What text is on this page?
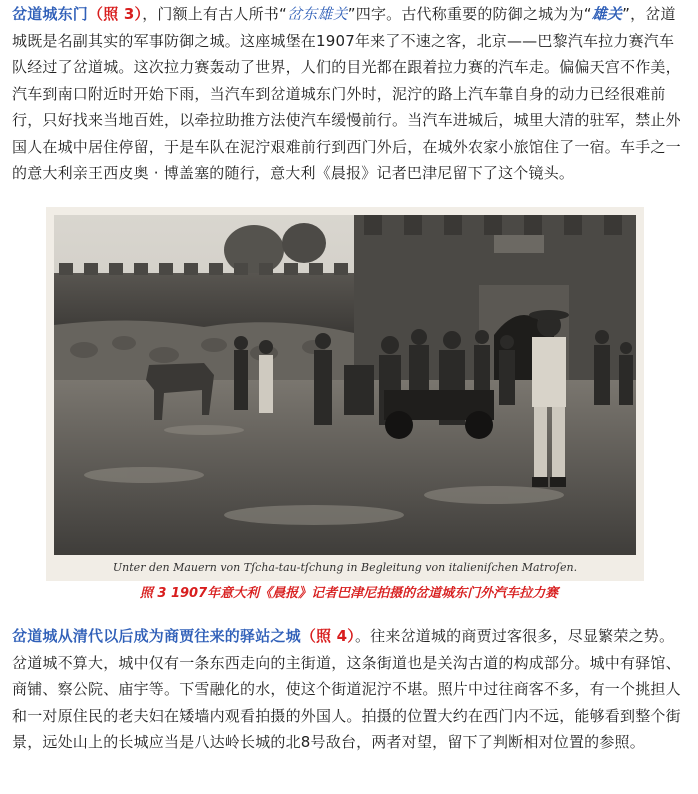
岔道城东门（照 3），门额上有古人所书“岔东雄关”四字。古代称重要的防御之城为为“雄关”，岔道城既是名副其实的军事防御之城。这座城堡在1907年来了不速之客，北京——巴黎汽车拉力赛汽车队经过了岔道城。这次拉力赛轰动了世界，人们的目光都在跟着拉力赛的汽车走。偏偏天宫不作美，汽车到南口附近时开始下雨，当汽车到岔道城东门外时，泥泞的路上汽车靠自身的动力已经很难前行，只好找来当地百姓，以牵拉助推方法使汽车缓慢前行。当汽车进城后，城里大清的驻军，禁止外国人在城中居住停留，于是车队在泥泞艰难前行到西门外后，在城外农家小旅馆住了一宿。车手之一的意大利亲王西皮奥 · 博盖塞的随行，意大利《晨报》记者巴津尼留下了这个镜头。

Unter den Mauern von Tſcha-tau-tſchung in Begleitung von italieniſchen Matroſen.
照 3 1907年意大利《晨报》记者巴津尼拍摄的岔道城东门外汽车拉力赛

岔道城从清代以后成为商贾往来的驿站之城（照 4）。往来岔道城的商贾过客很多，尽显繁荣之势。岔道城不算大，城中仅有一条东西走向的主街道，这条街道也是关沟古道的构成部分。城中有驿馆、商铺、察公院、庙宇等。下雪融化的水，使这个街道泥泞不堪。照片中过往商客不多，有一个挑担人和一对原住民的老夫妇在矮墙内观看拍摄的外国人。拍摄的位置大约在西门内不远，能够看到整个街景，远处山上的长城应当是八达岭长城的北8号敌台，两者对望，留下了判断相对位置的参照。
